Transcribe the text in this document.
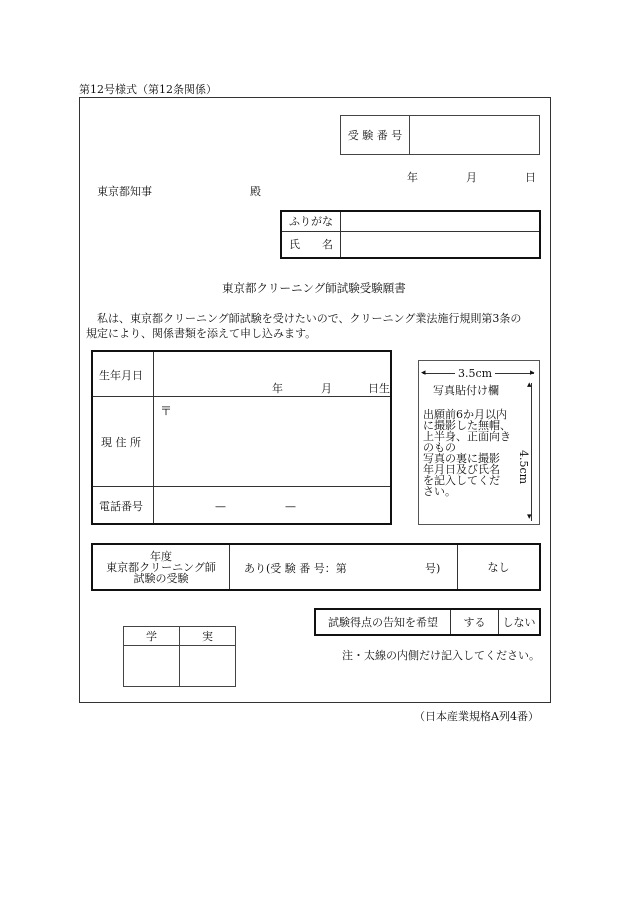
第12号様式（第12条関係）
受 験 番 号	
年	月	日
東京都知事	殿
ふりがな	
氏　　名	
東京都クリーニング師試験受験願書
私は、東京都クリーニング師試験を受けたいので、クリーニング業法施行規則第3条の
規定により、関係書類を添えて申し込みます。
生年月日
年	月	日生
現 住 所
〒
電話番号	—	—
◂	▸
3.5cm
写真貼付け欄	▴
▾
4.5cm
出願前6か月以内
に撮影した無帽、
上半身、正面向き
のもの
写真の裏に撮影
年月日及び氏名
を記入してくだ
さい。
年度
東京都クリーニング師
試験の受験

あり(受 験 番 号：第	号)	なし
試験得点の告知を希望	する	しない
学	実

注・太線の内側だけ記入してください。
（日本産業規格A列4番）
